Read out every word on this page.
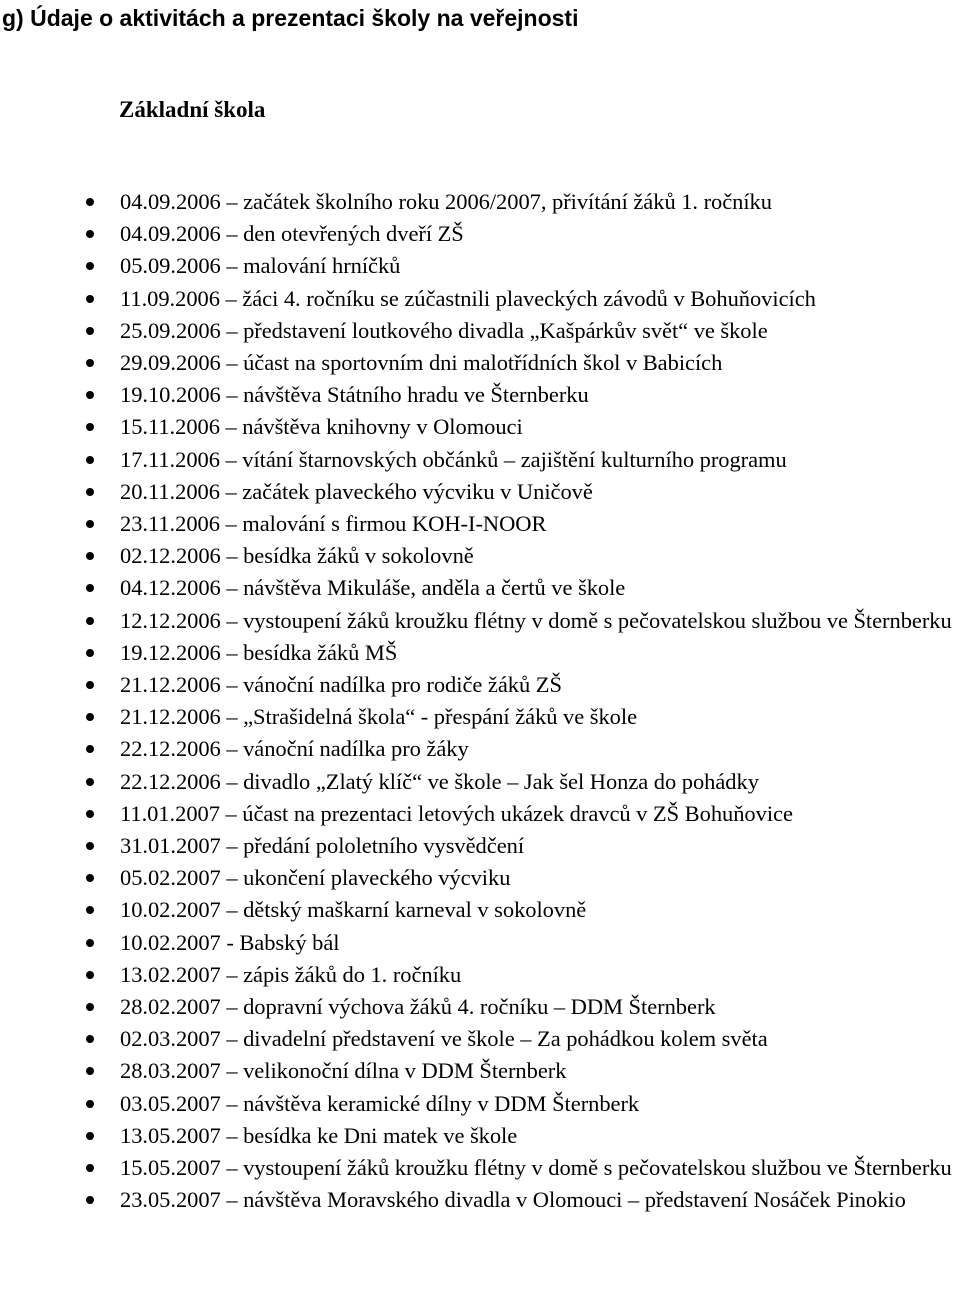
g) Údaje o aktivitách a prezentaci školy na veřejnosti
Základní škola
04.09.2006 – začátek školního roku 2006/2007, přivítání žáků 1. ročníku
04.09.2006 – den otevřených dveří ZŠ
05.09.2006 – malování hrníčků
11.09.2006 – žáci 4. ročníku se zúčastnili plaveckých závodů v Bohuňovicích
25.09.2006 – představení loutkového divadla „Kašpárkův svět“ ve škole
29.09.2006 – účast na sportovním dni malotřídních škol v Babicích
19.10.2006 – návštěva Státního hradu ve Šternberku
15.11.2006 – návštěva knihovny v Olomouci
17.11.2006 – vítání štarnovských občánků – zajištění kulturního programu
20.11.2006 – začátek plaveckého výcviku v Uničově
23.11.2006 – malování s firmou KOH-I-NOOR
02.12.2006 – besídka žáků v sokolovně
04.12.2006 – návštěva Mikuláše, anděla a čertů ve škole
12.12.2006 – vystoupení žáků kroužku flétny v domě s pečovatelskou službou ve Šternberku
19.12.2006 – besídka žáků MŠ
21.12.2006 – vánoční nadílka pro rodiče žáků ZŠ
21.12.2006 – „Strašidelná škola“ - přespání žáků ve škole
22.12.2006 – vánoční nadílka pro žáky
22.12.2006 – divadlo „Zlatý klíč“ ve škole – Jak šel Honza do pohádky
11.01.2007 – účast na prezentaci letových ukázek dravců v ZŠ Bohuňovice
31.01.2007 – předání pololetního vysvědčení
05.02.2007 – ukončení plaveckého výcviku
10.02.2007 – dětský maškarní karneval v sokolovně
10.02.2007 - Babský bál
13.02.2007 – zápis žáků do 1. ročníku
28.02.2007 – dopravní výchova žáků 4. ročníku – DDM Šternberk
02.03.2007 – divadelní představení ve škole – Za pohádkou kolem světa
28.03.2007 – velikonoční dílna v DDM Šternberk
03.05.2007 – návštěva keramické dílny v DDM Šternberk
13.05.2007 – besídka ke Dni matek ve škole
15.05.2007 – vystoupení žáků kroužku flétny v domě s pečovatelskou službou ve Šternberku
23.05.2007 – návštěva Moravského divadla v Olomouci – představení Nosáček Pinokio
